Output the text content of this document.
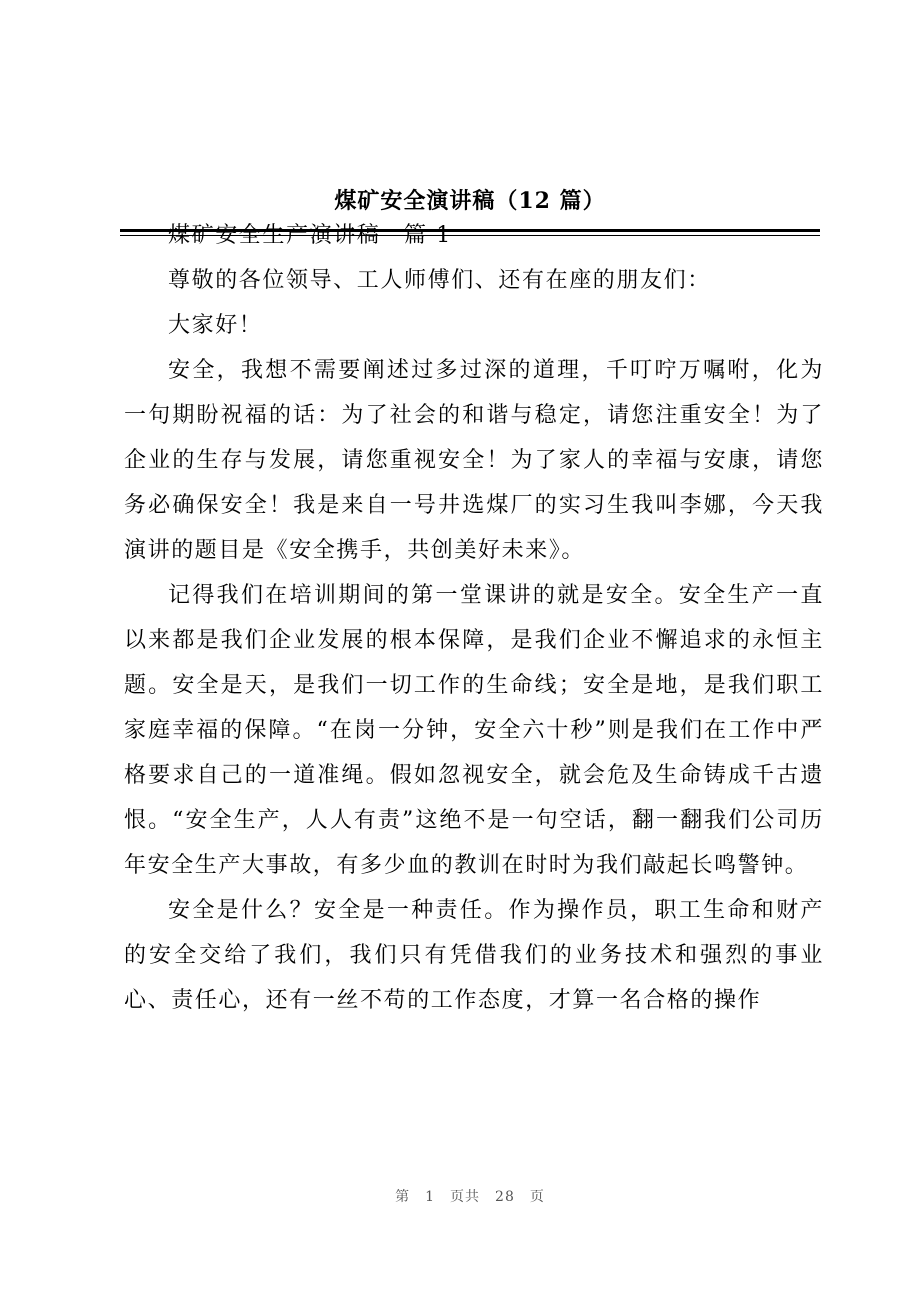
煤矿安全演讲稿（12 篇）

煤矿安全生产演讲稿　篇 1

尊敬的各位领导、工人师傅们、还有在座的朋友们：

大家好！

安全，我想不需要阐述过多过深的道理，千叮咛万嘱咐，化为一句期盼祝福的话：为了社会的和谐与稳定，请您注重安全！为了企业的生存与发展，请您重视安全！为了家人的幸福与安康，请您务必确保安全！我是来自一号井选煤厂的实习生我叫李娜，今天我演讲的题目是《安全携手，共创美好未来》。

记得我们在培训期间的第一堂课讲的就是安全。安全生产一直以来都是我们企业发展的根本保障，是我们企业不懈追求的永恒主题。安全是天，是我们一切工作的生命线；安全是地，是我们职工家庭幸福的保障。“在岗一分钟，安全六十秒”则是我们在工作中严格要求自己的一道准绳。假如忽视安全，就会危及生命铸成千古遗恨。“安全生产，人人有责”这绝不是一句空话，翻一翻我们公司历年安全生产大事故，有多少血的教训在时时为我们敲起长鸣警钟。

安全是什么？安全是一种责任。作为操作员，职工生命和财产的安全交给了我们，我们只有凭借我们的业务技术和强烈的事业心、责任心，还有一丝不苟的工作态度，才算一名合格的操作

第　1　页共　28　页
